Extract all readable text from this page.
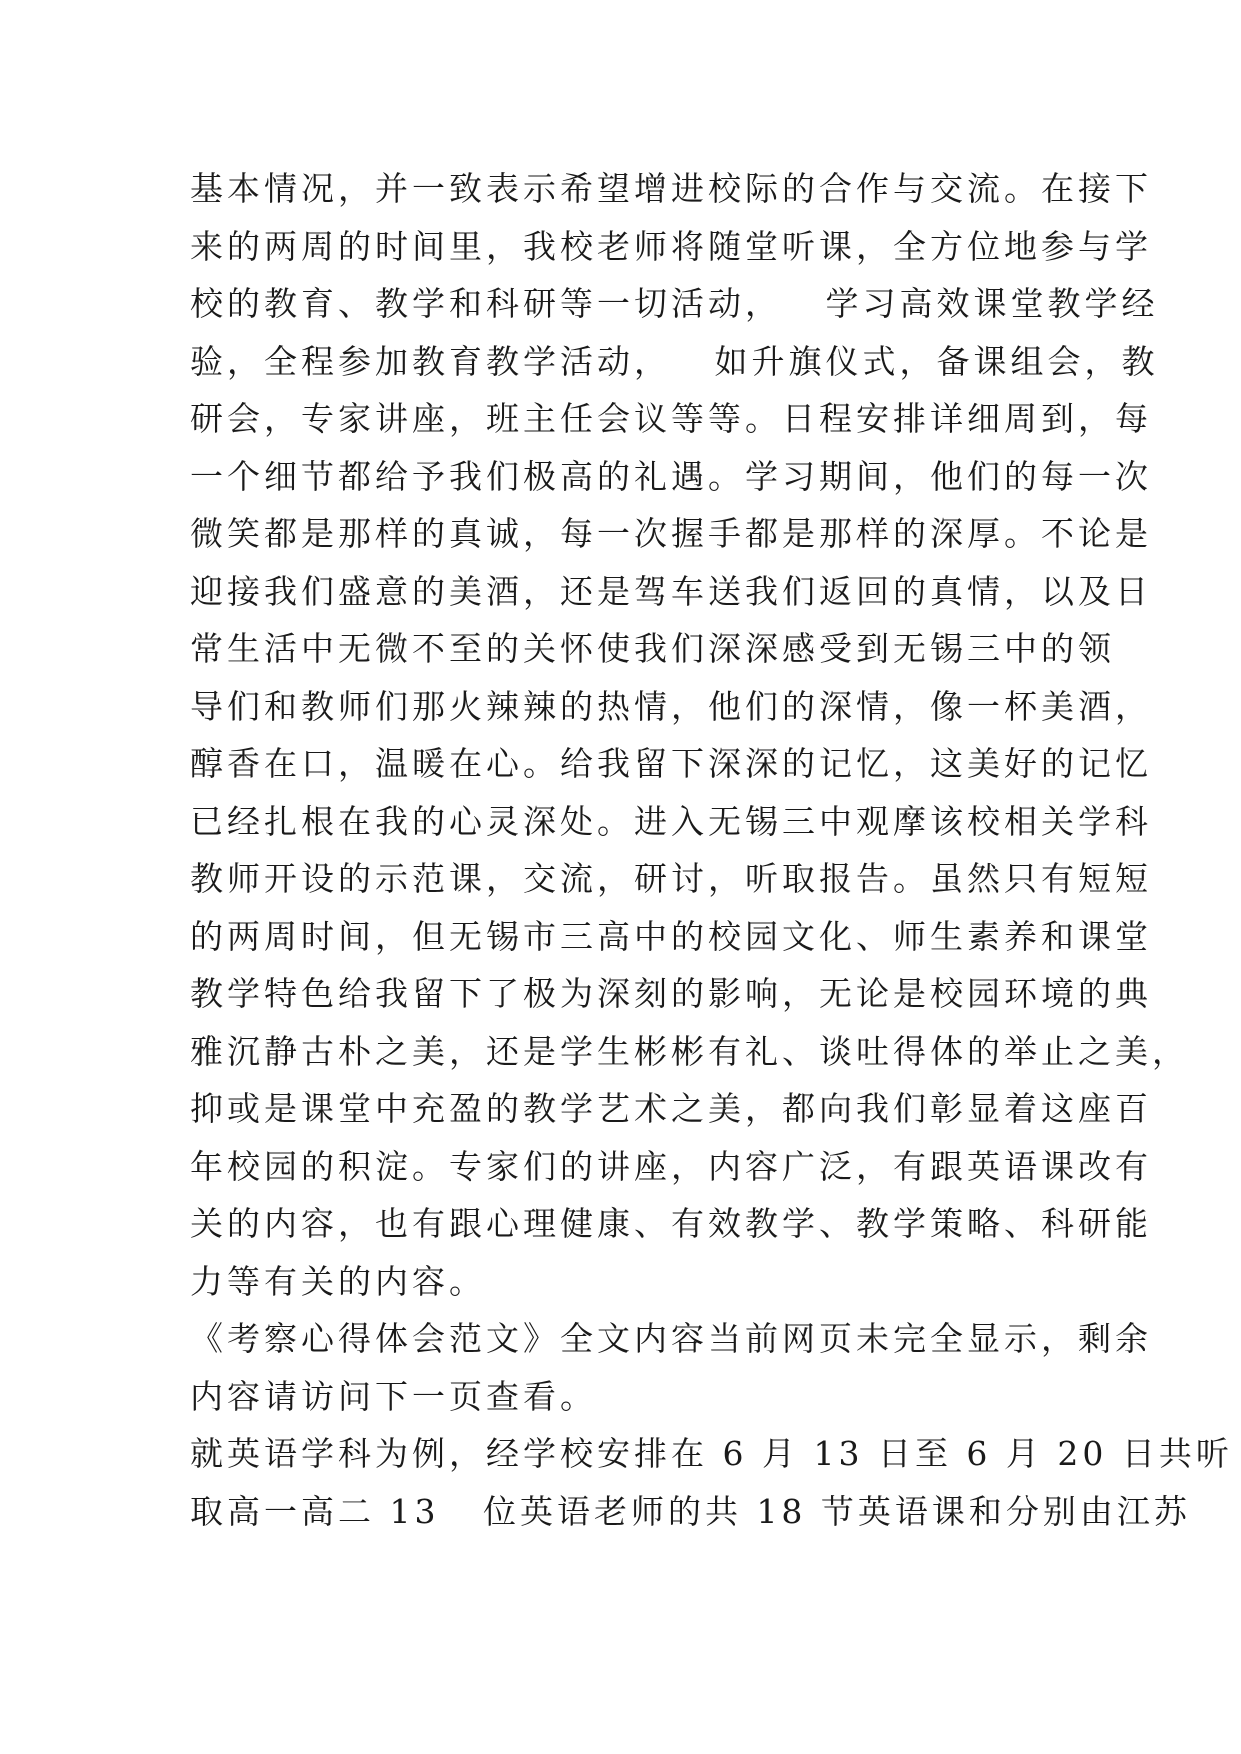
基本情况，并一致表示希望增进校际的合作与交流。在接下
来的两周的时间里，我校老师将随堂听课，全方位地参与学
校的教育、教学和科研等一切活动，   学习高效课堂教学经
验，全程参加教育教学活动，   如升旗仪式，备课组会，教
研会，专家讲座，班主任会议等等。日程安排详细周到，每
一个细节都给予我们极高的礼遇。学习期间，他们的每一次
微笑都是那样的真诚，每一次握手都是那样的深厚。不论是
迎接我们盛意的美酒，还是驾车送我们返回的真情，以及日
常生活中无微不至的关怀使我们深深感受到无锡三中的领
导们和教师们那火辣辣的热情，他们的深情，像一杯美酒，
醇香在口，温暖在心。给我留下深深的记忆，这美好的记忆
已经扎根在我的心灵深处。进入无锡三中观摩该校相关学科
教师开设的示范课，交流，研讨，听取报告。虽然只有短短
的两周时间，但无锡市三高中的校园文化、师生素养和课堂
教学特色给我留下了极为深刻的影响，无论是校园环境的典
雅沉静古朴之美，还是学生彬彬有礼、谈吐得体的举止之美，
抑或是课堂中充盈的教学艺术之美，都向我们彰显着这座百
年校园的积淀。专家们的讲座，内容广泛，有跟英语课改有
关的内容，也有跟心理健康、有效教学、教学策略、科研能
力等有关的内容。
《考察心得体会范文》全文内容当前网页未完全显示，剩余
内容请访问下一页查看。
就英语学科为例，经学校安排在 6 月 13 日至 6 月 20 日共听
取高一高二 13   位英语老师的共 18 节英语课和分别由江苏
